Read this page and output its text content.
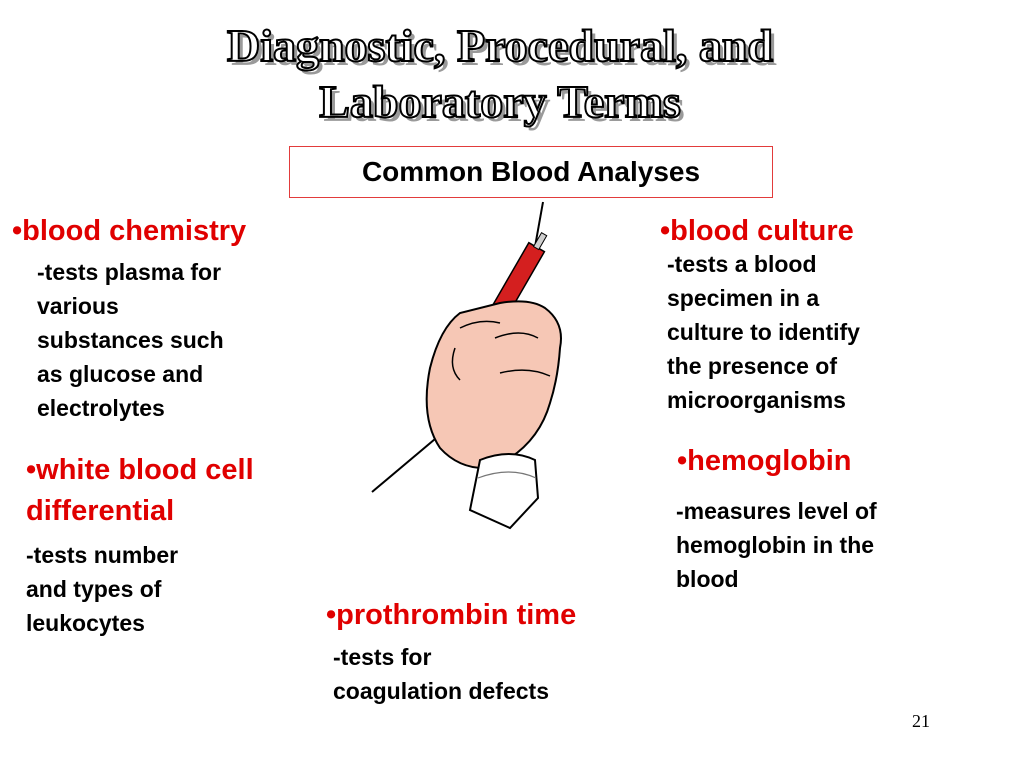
Diagnostic, Procedural, and
Laboratory Terms
Common Blood Analyses
•blood chemistry
-tests plasma for
various
substances such
as glucose and
electrolytes
•blood culture
-tests a blood
specimen in a
culture to identify
the presence of
microorganisms
•white blood cell
differential
-tests number
and types of
leukocytes
•hemoglobin
-measures level of
hemoglobin in the
blood
•prothrombin time
-tests for
coagulation defects
21
